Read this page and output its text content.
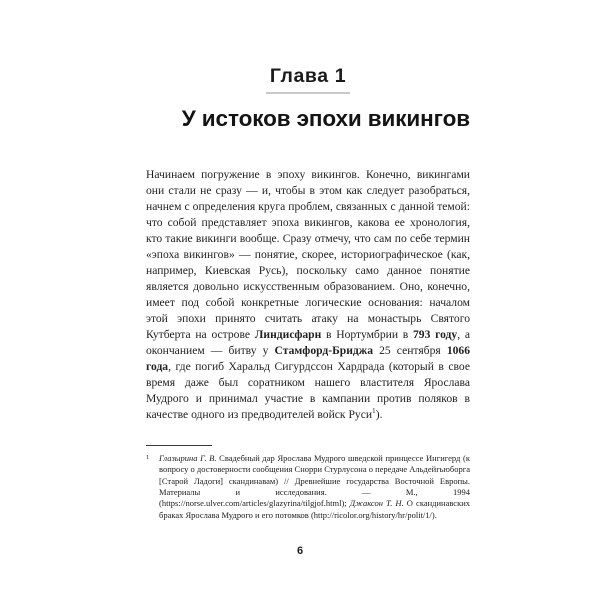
Глава 1
У истоков эпохи викингов

Начинаем погружение в эпоху викингов. Конечно, викингами они стали не сразу — и, чтобы в этом как следует разобраться, начнем с определения круга проблем, связанных с данной темой: что собой представляет эпоха викингов, какова ее хронология, кто такие викинги вообще. Сразу отмечу, что сам по себе термин «эпоха викингов» — понятие, скорее, историографическое (как, например, Киевская Русь), поскольку само данное понятие является довольно искусственным образованием. Оно, конечно, имеет под собой конкретные логические основания: началом этой эпохи принято считать атаку на монастырь Святого Кутберта на острове Линдисфарн в Нортумбрии в 793 году, а окончанием — битву у Стамфорд-Бриджа 25 сентября 1066 года, где погиб Харальд Сигурдссон Хардрада (который в свое время даже был соратником нашего властителя Ярослава Мудрого и принимал участие в кампании против поляков в качестве одного из предводителей войск Руси$^1$).

1 Глазырина Г. В. Свадебный дар Ярослава Мудрого шведской принцессе Ингигерд (к вопросу о достоверности сообщения Снорри Стурлусона о передаче Альдейгьюборга [Старой Ладоги] скандинавам) // Древнейшие государства Восточной Европы. Материалы и исследования. — М., 1994 (https://norse.ulver.com/articles/glazyrina/tilgjof.html); Джаксон Т. Н. О скандинавских браках Ярослава Мудрого и его потомков (http://ricolor.org/history/hr/polit/1/).
6
